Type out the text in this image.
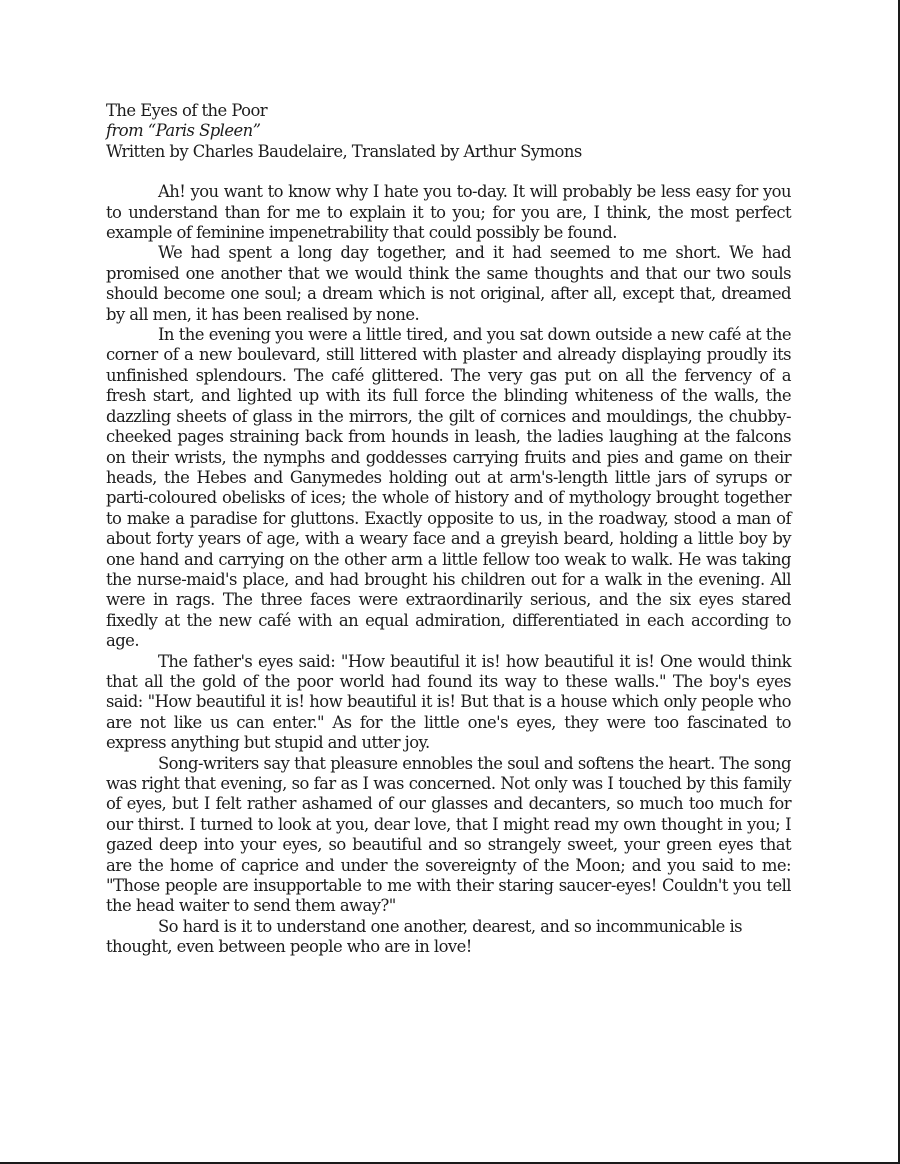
The Eyes of the Poor

from “Paris Spleen”

Written by Charles Baudelaire, Translated by Arthur Symons

Ah! you want to know why I hate you to-day. It will probably be less easy for you to understand than for me to explain it to you; for you are, I think, the most perfect example of feminine impenetrability that could possibly be found.

We had spent a long day together, and it had seemed to me short. We had promised one another that we would think the same thoughts and that our two souls should become one soul; a dream which is not original, after all, except that, dreamed by all men, it has been realised by none.

In the evening you were a little tired, and you sat down outside a new café at the corner of a new boulevard, still littered with plaster and already displaying proudly its unfinished splendours. The café glittered. The very gas put on all the fervency of a fresh start, and lighted up with its full force the blinding whiteness of the walls, the dazzling sheets of glass in the mirrors, the gilt of cornices and mouldings, the chubby-cheeked pages straining back from hounds in leash, the ladies laughing at the falcons on their wrists, the nymphs and goddesses carrying fruits and pies and game on their heads, the Hebes and Ganymedes holding out at arm's-length little jars of syrups or parti-coloured obelisks of ices; the whole of history and of mythology brought together to make a paradise for gluttons. Exactly opposite to us, in the roadway, stood a man of about forty years of age, with a weary face and a greyish beard, holding a little boy by one hand and carrying on the other arm a little fellow too weak to walk. He was taking the nurse-maid's place, and had brought his children out for a walk in the evening. All were in rags. The three faces were extraordinarily serious, and the six eyes stared fixedly at the new café with an equal admiration, differentiated in each according to age.

The father's eyes said: "How beautiful it is! how beautiful it is! One would think that all the gold of the poor world had found its way to these walls." The boy's eyes said: "How beautiful it is! how beautiful it is! But that is a house which only people who are not like us can enter." As for the little one's eyes, they were too fascinated to express anything but stupid and utter joy.

Song-writers say that pleasure ennobles the soul and softens the heart. The song was right that evening, so far as I was concerned. Not only was I touched by this family of eyes, but I felt rather ashamed of our glasses and decanters, so much too much for our thirst. I turned to look at you, dear love, that I might read my own thought in you; I gazed deep into your eyes, so beautiful and so strangely sweet, your green eyes that are the home of caprice and under the sovereignty of the Moon; and you said to me: "Those people are insupportable to me with their staring saucer-eyes! Couldn't you tell the head waiter to send them away?"

So hard is it to understand one another, dearest, and so incommunicable is thought, even between people who are in love!
